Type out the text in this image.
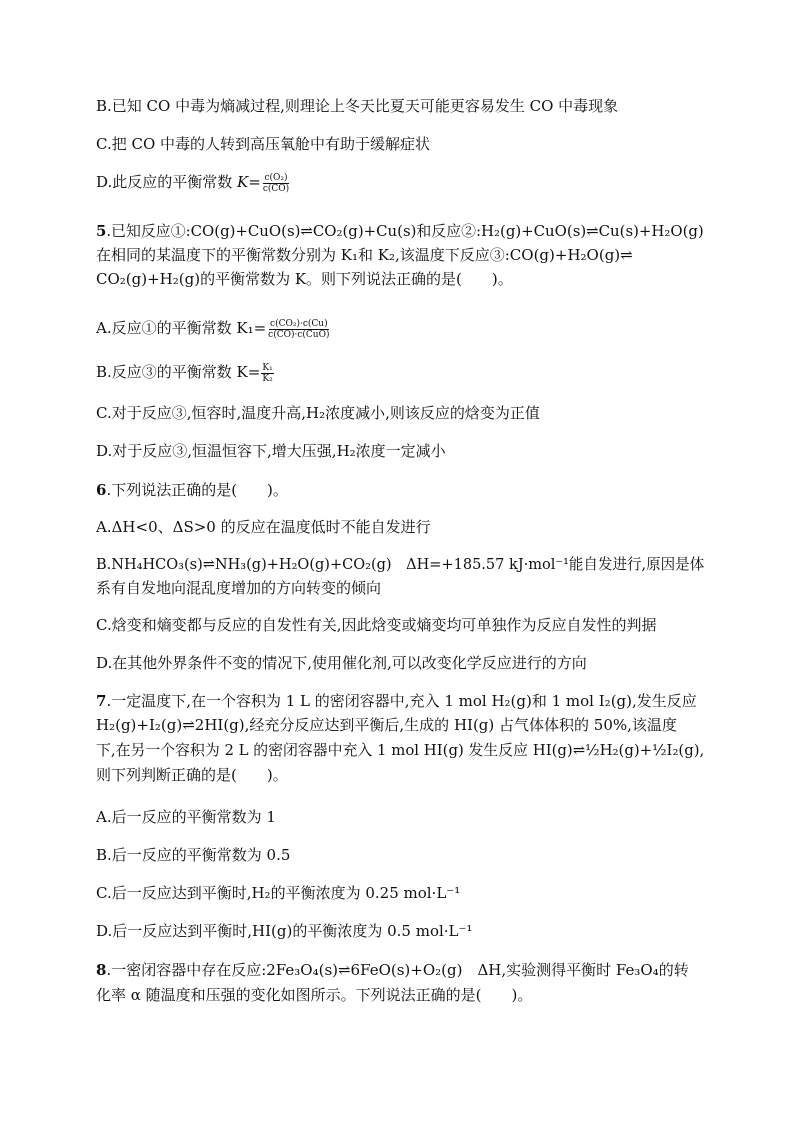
B.已知 CO 中毒为熵减过程,则理论上冬天比夏天可能更容易发生 CO 中毒现象
C.把 CO 中毒的人转到高压氧舱中有助于缓解症状
D.此反应的平衡常数 $K= \frac{\text{c(O₂)}}{c(CO)}$
5.已知反应①:CO(g)+CuO(s)⇌CO₂(g)+Cu(s)和反应②:H₂(g)+CuO(s)⇌Cu(s)+H₂O(g)
在相同的某温度下的平衡常数分别为 K₁和 K₂,该温度下反应③:CO(g)+H₂O(g)⇌
CO₂(g)+H₂(g)的平衡常数为 K。则下列说法正确的是(　　)。
A.反应①的平衡常数 $K_1= \frac{\text{c(CO₂)·c(Cu)}}{\text{c(CO)·c(CuO)}}$
B.反应③的平衡常数 $K= \frac{\text{K₁}}{\text{K₂}}$
C.对于反应③,恒容时,温度升高,H₂浓度减小,则该反应的焓变为正值
D.对于反应③,恒温恒容下,增大压强,H₂浓度一定减小
6.下列说法正确的是(　　)。
A.ΔH<0、ΔS>0 的反应在温度低时不能自发进行
B.NH₄HCO₃(s)⇌NH₃(g)+H₂O(g)+CO₂(g)　ΔH=+185.57 kJ·mol⁻¹能自发进行,原因是体
系有自发地向混乱度增加的方向转变的倾向
C.焓变和熵变都与反应的自发性有关,因此焓变或熵变均可单独作为反应自发性的判据
D.在其他外界条件不变的情况下,使用催化剂,可以改变化学反应进行的方向
7.一定温度下,在一个容积为 1 L 的密闭容器中,充入 1 mol H₂(g)和 1 mol I₂(g),发生反应
H₂(g)+I₂(g)⇌2HI(g),经充分反应达到平衡后,生成的 HI(g) 占气体体积的 50%,该温度
下,在另一个容积为 2 L 的密闭容器中充入 1 mol HI(g) 发生反应 HI(g)⇌½H₂(g)+½I₂(g),
则下列判断正确的是(　　)。
A.后一反应的平衡常数为 1
B.后一反应的平衡常数为 0.5
C.后一反应达到平衡时,H₂的平衡浓度为 0.25 mol·L⁻¹
D.后一反应达到平衡时,HI(g)的平衡浓度为 0.5 mol·L⁻¹
8.一密闭容器中存在反应:2Fe₃O₄(s)⇌6FeO(s)+O₂(g)　ΔH,实验测得平衡时 Fe₃O₄的转
化率 α 随温度和压强的变化如图所示。下列说法正确的是(　　)。
